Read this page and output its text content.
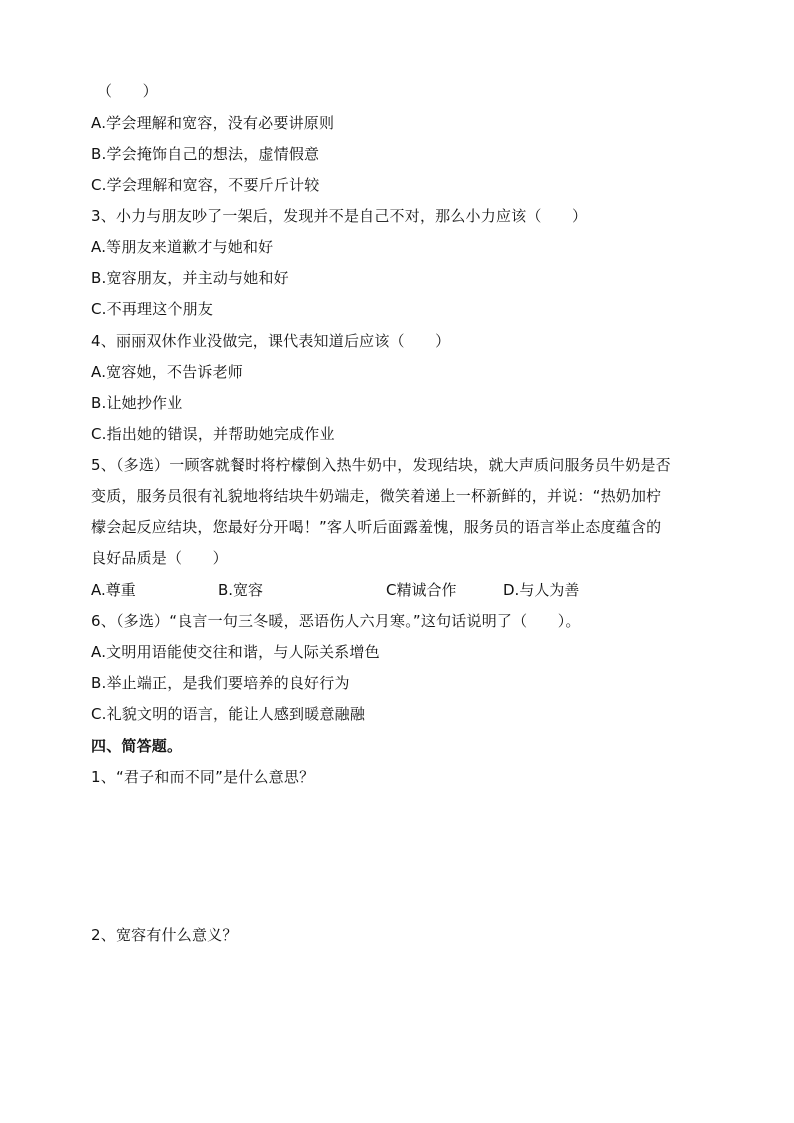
（　　）
A.学会理解和宽容，没有必要讲原则
B.学会掩饰自己的想法，虚情假意
C.学会理解和宽容，不要斤斤计较
3、小力与朋友吵了一架后，发现并不是自己不对，那么小力应该（　　）
A.等朋友来道歉才与她和好
B.宽容朋友，并主动与她和好
C.不再理这个朋友
4、丽丽双休作业没做完，课代表知道后应该（　　）
A.宽容她，不告诉老师
B.让她抄作业
C.指出她的错误，并帮助她完成作业
5、（多选）一顾客就餐时将柠檬倒入热牛奶中，发现结块，就大声质问服务员牛奶是否
变质，服务员很有礼貌地将结块牛奶端走，微笑着递上一杯新鲜的，并说：“热奶加柠
檬会起反应结块，您最好分开喝！”客人听后面露羞愧，服务员的语言举止态度蕴含的
良好品质是（　　）
A.尊重	B.宽容	C精诚合作	D.与人为善
6、（多选）“良言一句三冬暖，恶语伤人六月寒。”这句话说明了（　　）。
A.文明用语能使交往和谐，与人际关系增色
B.举止端正，是我们要培养的良好行为
C.礼貌文明的语言，能让人感到暖意融融
四、简答题。
1、“君子和而不同”是什么意思？
2、宽容有什么意义？
